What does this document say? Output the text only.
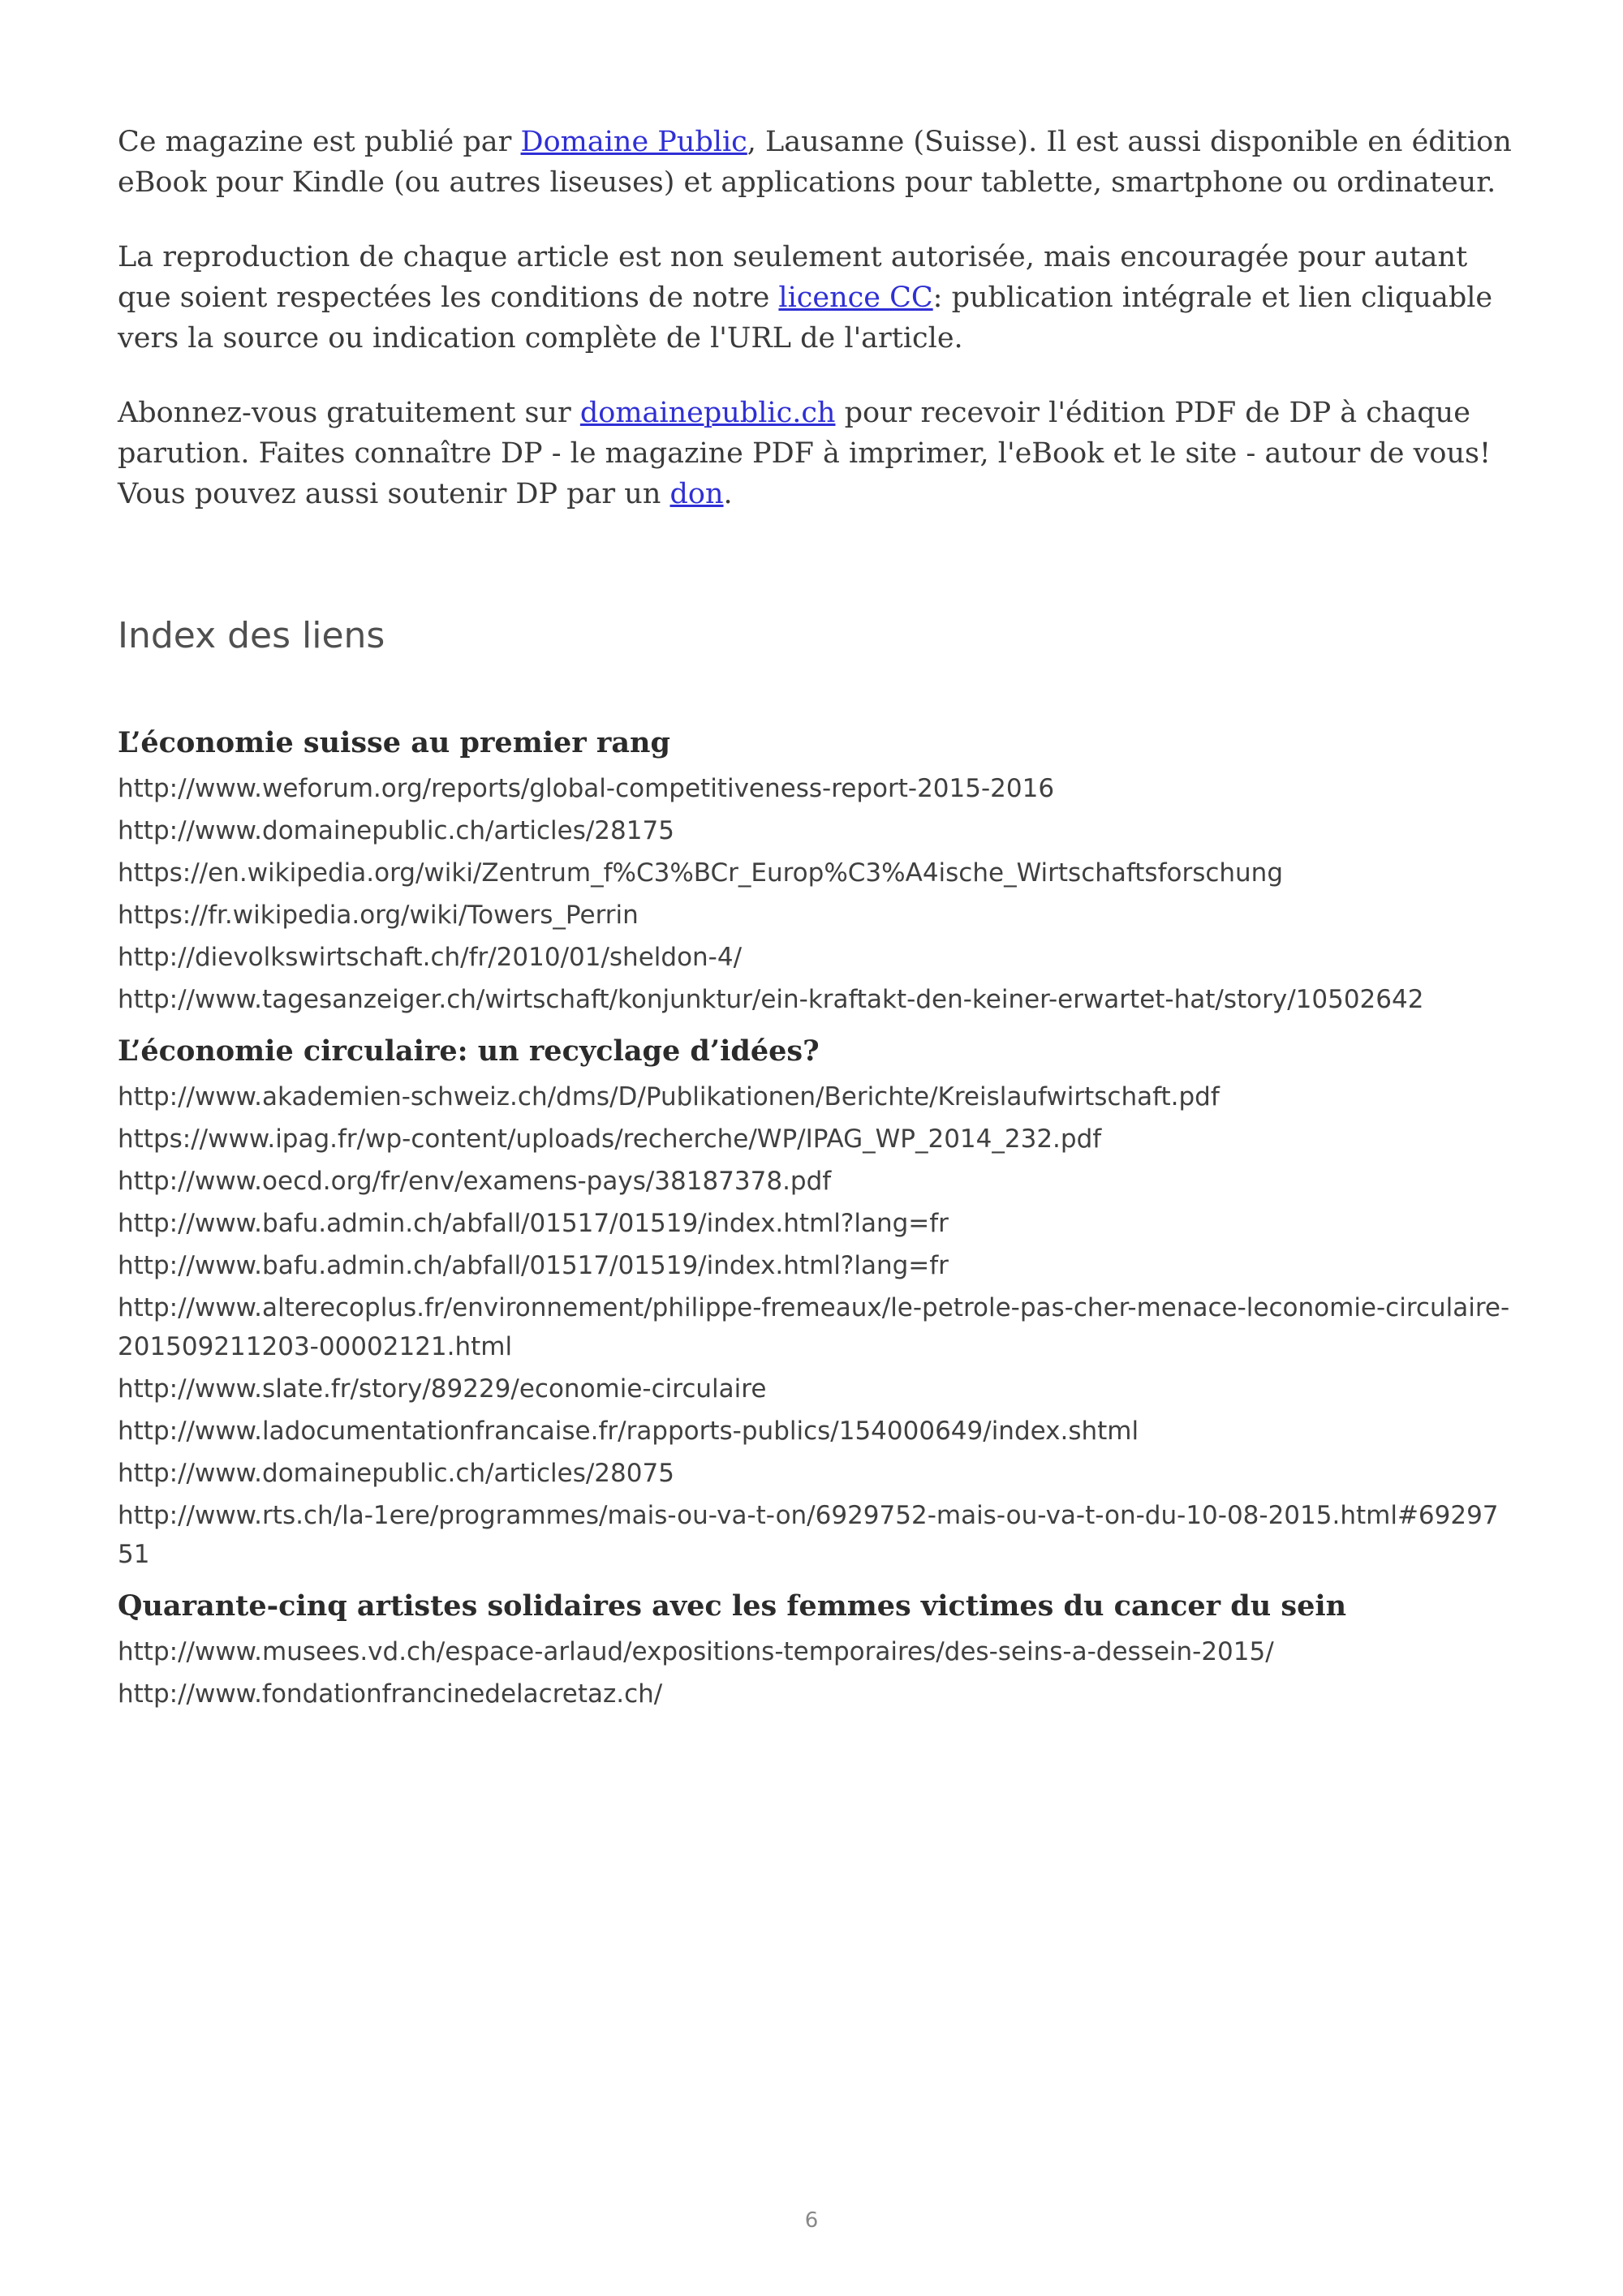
Ce magazine est publié par Domaine Public, Lausanne (Suisse). Il est aussi disponible en édition eBook pour Kindle (ou autres liseuses) et applications pour tablette, smartphone ou ordinateur.

La reproduction de chaque article est non seulement autorisée, mais encouragée pour autant que soient respectées les conditions de notre licence CC: publication intégrale et lien cliquable vers la source ou indication complète de l'URL de l'article.

Abonnez-vous gratuitement sur domainepublic.ch pour recevoir l'édition PDF de DP à chaque parution. Faites connaître DP - le magazine PDF à imprimer, l'eBook et le site - autour de vous! Vous pouvez aussi soutenir DP par un don.

Index des liens
L’économie suisse au premier rang
http://www.weforum.org/reports/global-competitiveness-report-2015-2016
http://www.domainepublic.ch/articles/28175
https://en.wikipedia.org/wiki/Zentrum_f%C3%BCr_Europ%C3%A4ische_Wirtschaftsforschung
https://fr.wikipedia.org/wiki/Towers_Perrin
http://dievolkswirtschaft.ch/fr/2010/01/sheldon-4/
http://www.tagesanzeiger.ch/wirtschaft/konjunktur/ein-kraftakt-den-keiner-erwartet-hat/story/10502642
L’économie circulaire: un recyclage d’idées?
http://www.akademien-schweiz.ch/dms/D/Publikationen/Berichte/Kreislaufwirtschaft.pdf
https://www.ipag.fr/wp-content/uploads/recherche/WP/IPAG_WP_2014_232.pdf
http://www.oecd.org/fr/env/examens-pays/38187378.pdf
http://www.bafu.admin.ch/abfall/01517/01519/index.html?lang=fr
http://www.bafu.admin.ch/abfall/01517/01519/index.html?lang=fr
http://www.alterecoplus.fr/environnement/philippe-fremeaux/le-petrole-pas-cher-menace-leconomie-circulaire-201509211203-00002121.html
http://www.slate.fr/story/89229/economie-circulaire
http://www.ladocumentationfrancaise.fr/rapports-publics/154000649/index.shtml
http://www.domainepublic.ch/articles/28075
http://www.rts.ch/la-1ere/programmes/mais-ou-va-t-on/6929752-mais-ou-va-t-on-du-10-08-2015.html#6929751
Quarante-cinq artistes solidaires avec les femmes victimes du cancer du sein
http://www.musees.vd.ch/espace-arlaud/expositions-temporaires/des-seins-a-dessein-2015/
http://www.fondationfrancinedelacretaz.ch/
6
